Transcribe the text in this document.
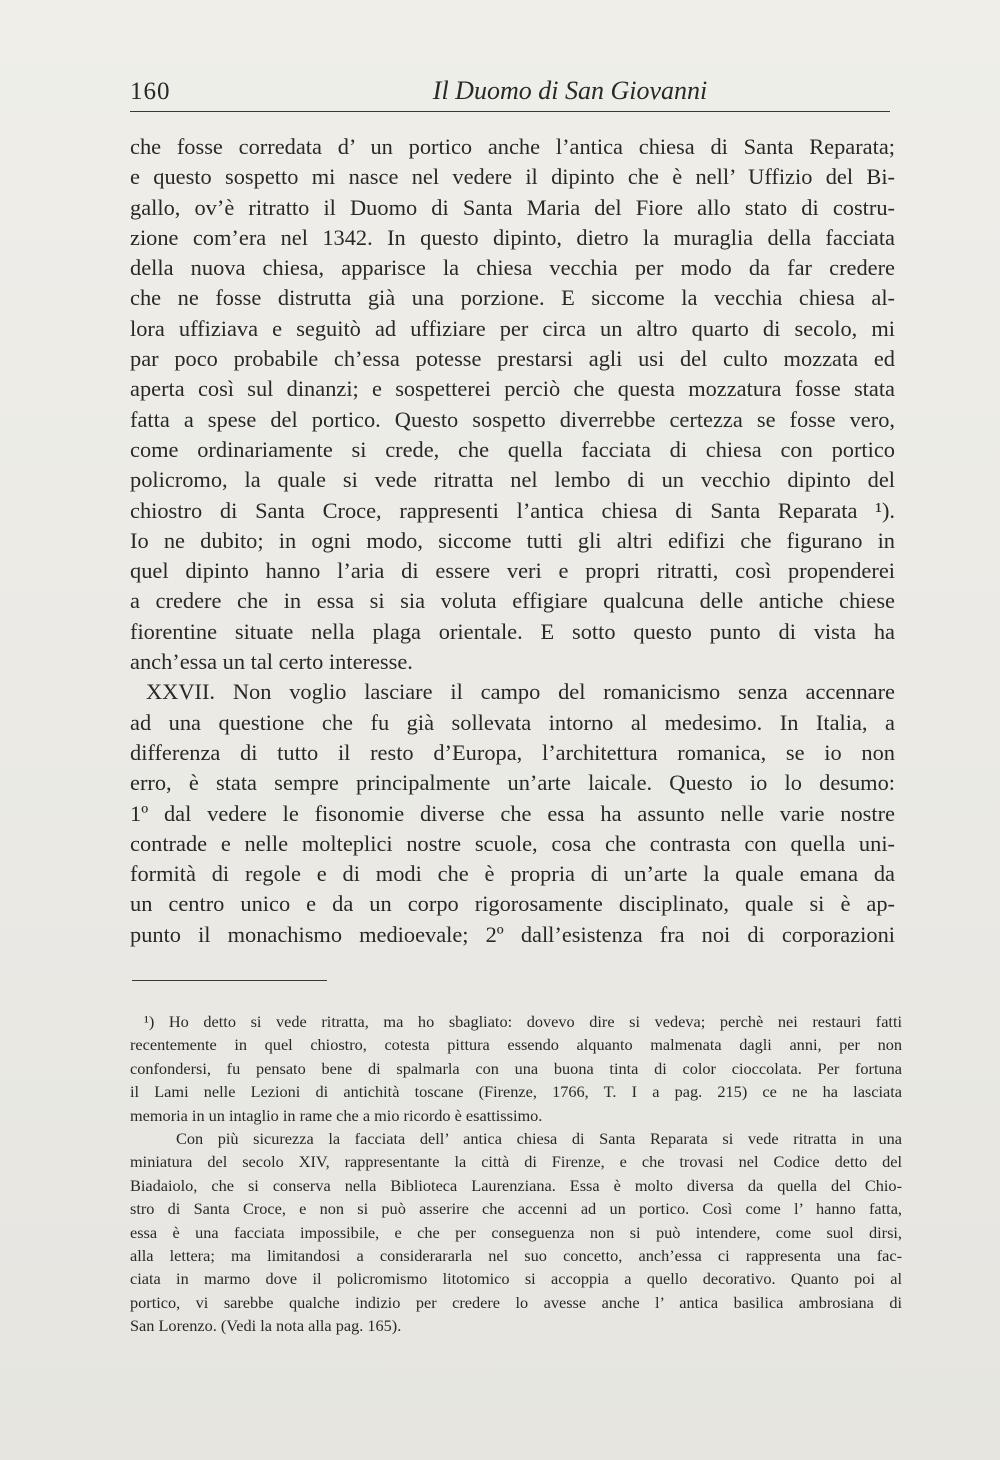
160	Il Duomo di San Giovanni
che fosse corredata d’ un portico anche l’antica chiesa di Santa Reparata;
e questo sospetto mi nasce nel vedere il dipinto che è nell’ Uffizio del Bi-
gallo, ov’è ritratto il Duomo di Santa Maria del Fiore allo stato di costru-
zione com’era nel 1342. In questo dipinto, dietro la muraglia della facciata
della nuova chiesa, apparisce la chiesa vecchia per modo da far credere
che ne fosse distrutta già una porzione. E siccome la vecchia chiesa al-
lora uffiziava e seguitò ad uffiziare per circa un altro quarto di secolo, mi
par poco probabile ch’essa potesse prestarsi agli usi del culto mozzata ed
aperta così sul dinanzi; e sospetterei perciò che questa mozzatura fosse stata
fatta a spese del portico. Questo sospetto diverrebbe certezza se fosse vero,
come ordinariamente si crede, che quella facciata di chiesa con portico
policromo, la quale si vede ritratta nel lembo di un vecchio dipinto del
chiostro di Santa Croce, rappresenti l’antica chiesa di Santa Reparata ¹).
Io ne dubito; in ogni modo, siccome tutti gli altri edifizi che figurano in
quel dipinto hanno l’aria di essere veri e propri ritratti, così propenderei
a credere che in essa si sia voluta effigiare qualcuna delle antiche chiese
fiorentine situate nella plaga orientale. E sotto questo punto di vista ha
anch’essa un tal certo interesse.
XXVII. Non voglio lasciare il campo del romanicismo senza accennare
ad una questione che fu già sollevata intorno al medesimo. In Italia, a
differenza di tutto il resto d’Europa, l’architettura romanica, se io non
erro, è stata sempre principalmente un’arte laicale. Questo io lo desumo:
1º dal vedere le fisonomie diverse che essa ha assunto nelle varie nostre
contrade e nelle molteplici nostre scuole, cosa che contrasta con quella uni-
formità di regole e di modi che è propria di un’arte la quale emana da
un centro unico e da un corpo rigorosamente disciplinato, quale si è ap-
punto il monachismo medioevale; 2º dall’esistenza fra noi di corporazioni
¹) Ho detto si vede ritratta, ma ho sbagliato: dovevo dire si vedeva; perchè nei restauri fatti
recentemente in quel chiostro, cotesta pittura essendo alquanto malmenata dagli anni, per non
confondersi, fu pensato bene di spalmarla con una buona tinta di color cioccolata. Per fortuna
il Lami nelle Lezioni di antichità toscane (Firenze, 1766, T. I a pag. 215) ce ne ha lasciata
memoria in un intaglio in rame che a mio ricordo è esattissimo.
Con più sicurezza la facciata dell’ antica chiesa di Santa Reparata si vede ritratta in una
miniatura del secolo XIV, rappresentante la città di Firenze, e che trovasi nel Codice detto del
Biadaiolo, che si conserva nella Biblioteca Laurenziana. Essa è molto diversa da quella del Chio-
stro di Santa Croce, e non si può asserire che accenni ad un portico. Così come l’ hanno fatta,
essa è una facciata impossibile, e che per conseguenza non si può intendere, come suol dirsi,
alla lettera; ma limitandosi a considerararla nel suo concetto, anch’essa ci rappresenta una fac-
ciata in marmo dove il policromismo litotomico si accoppia a quello decorativo. Quanto poi al
portico, vi sarebbe qualche indizio per credere lo avesse anche l’ antica basilica ambrosiana di
San Lorenzo. (Vedi la nota alla pag. 165).
